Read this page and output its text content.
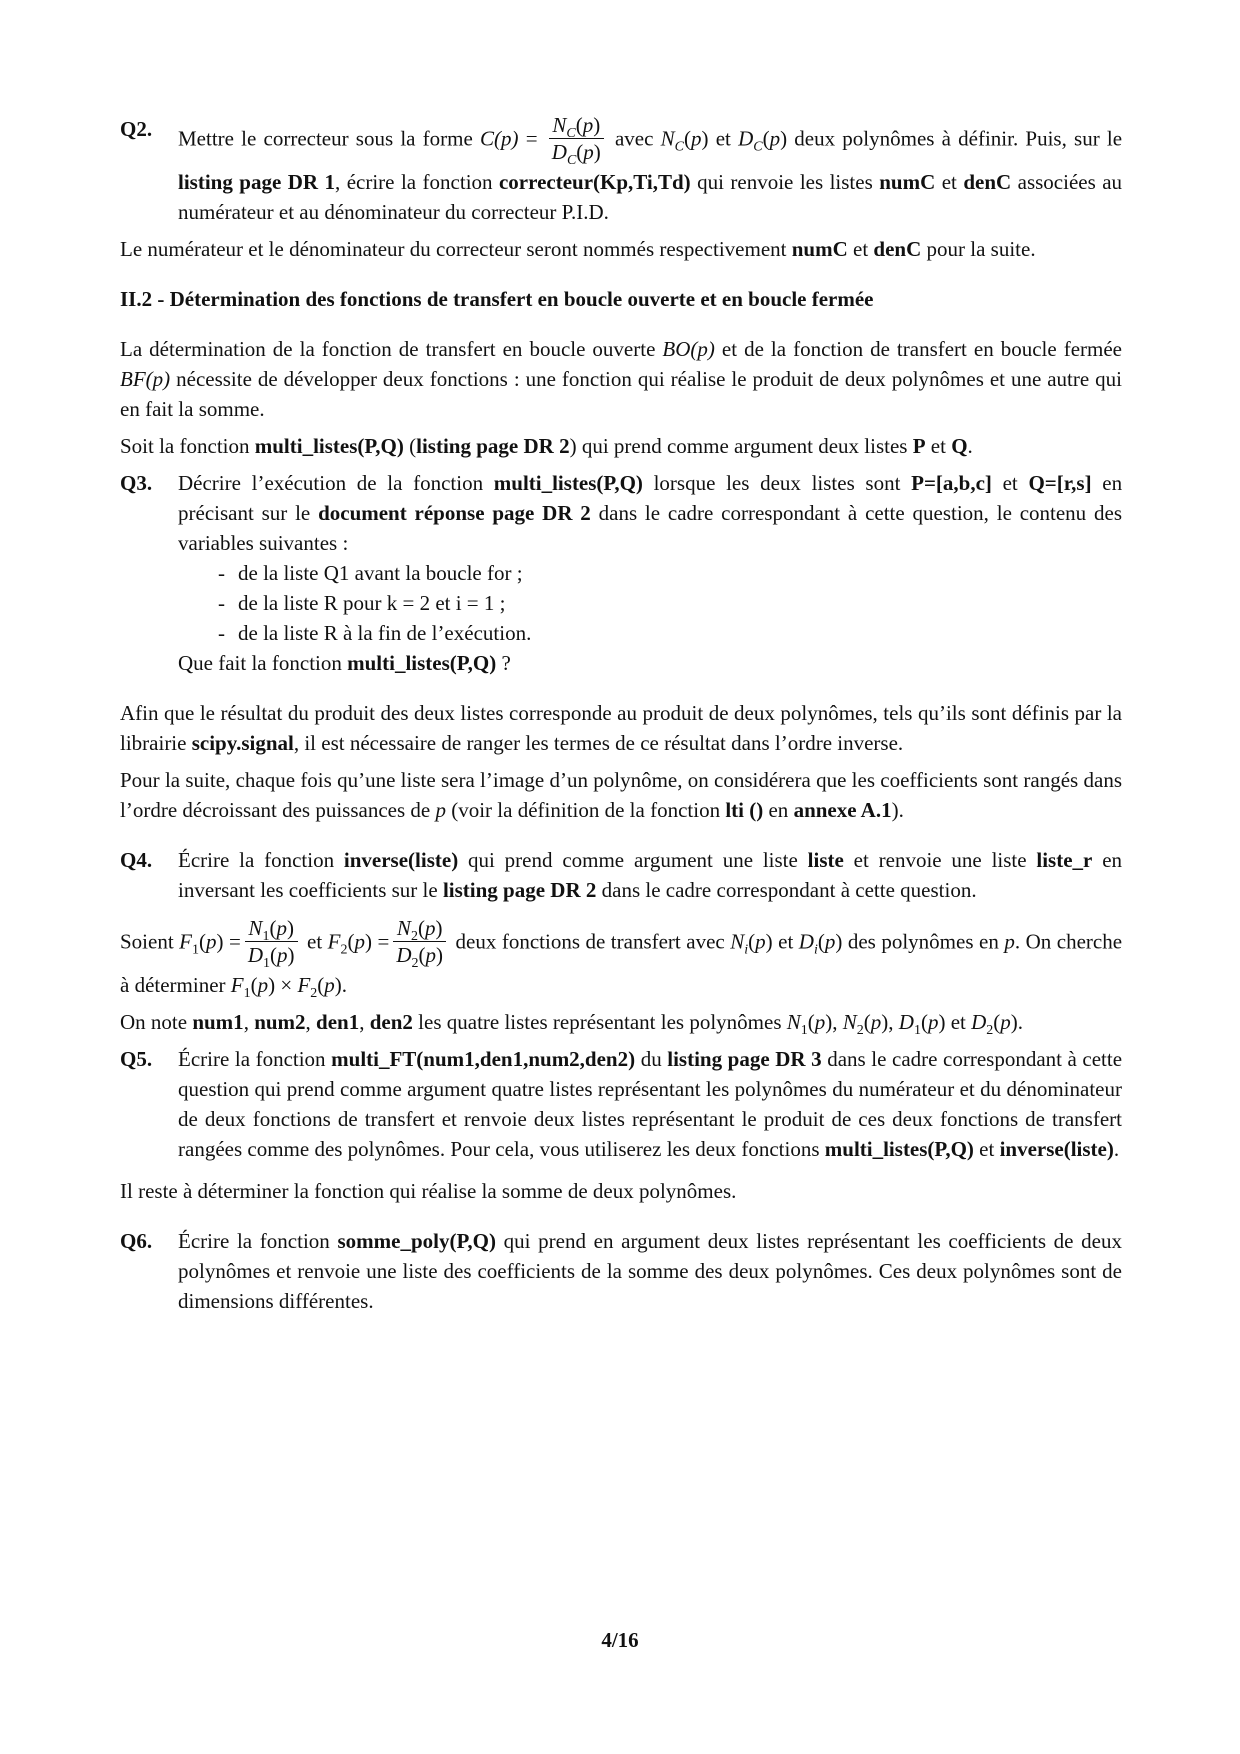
Q2. Mettre le correcteur sous la forme $C(p) = \frac{N_C(p)}{D_C(p)}$ avec $N_C(p)$ et $D_C(p)$ deux polynômes à définir. Puis, sur le listing page DR 1, écrire la fonction correcteur(Kp,Ti,Td) qui renvoie les listes numC et denC associées au numérateur et au dénominateur du correcteur P.I.D.

Le numérateur et le dénominateur du correcteur seront nommés respectivement numC et denC pour la suite.

II.2 - Détermination des fonctions de transfert en boucle ouverte et en boucle fermée

La détermination de la fonction de transfert en boucle ouverte BO(p) et de la fonction de transfert en boucle fermée BF(p) nécessite de développer deux fonctions : une fonction qui réalise le produit de deux polynômes et une autre qui en fait la somme.

Soit la fonction multi_listes(P,Q) (listing page DR 2) qui prend comme argument deux listes P et Q.

Q3. Décrire l’exécution de la fonction multi_listes(P,Q) lorsque les deux listes sont P=[a,b,c] et Q=[r,s] en précisant sur le document réponse page DR 2 dans le cadre correspondant à cette question, le contenu des variables suivantes :

- de la liste Q1 avant la boucle for ;
- de la liste R pour k = 2 et i = 1 ;
- de la liste R à la fin de l’exécution.

Que fait la fonction multi_listes(P,Q) ?

Afin que le résultat du produit des deux listes corresponde au produit de deux polynômes, tels qu’ils sont définis par la librairie scipy.signal, il est nécessaire de ranger les termes de ce résultat dans l’ordre inverse.

Pour la suite, chaque fois qu’une liste sera l’image d’un polynôme, on considérera que les coefficients sont rangés dans l’ordre décroissant des puissances de p (voir la définition de la fonction lti () en annexe A.1).

Q4. Écrire la fonction inverse(liste) qui prend comme argument une liste liste et renvoie une liste liste_r en inversant les coefficients sur le listing page DR 2 dans le cadre correspondant à cette question.

Soient $F_1(p) = \frac{N_1(p)}{D_1(p)}$ et $F_2(p) = \frac{N_2(p)}{D_2(p)}$ deux fonctions de transfert avec $N_i(p)$ et $D_i(p)$ des polynômes en p. On cherche à déterminer $F_1(p) \times F_2(p)$.

On note num1, num2, den1, den2 les quatre listes représentant les polynômes $N_1(p)$, $N_2(p)$, $D_1(p)$ et $D_2(p)$.

Q5. Écrire la fonction multi_FT(num1,den1,num2,den2) du listing page DR 3 dans le cadre correspondant à cette question qui prend comme argument quatre listes représentant les polynômes du numérateur et du dénominateur de deux fonctions de transfert et renvoie deux listes représentant le produit de ces deux fonctions de transfert rangées comme des polynômes. Pour cela, vous utiliserez les deux fonctions multi_listes(P,Q) et inverse(liste).

Il reste à déterminer la fonction qui réalise la somme de deux polynômes.

Q6. Écrire la fonction somme_poly(P,Q) qui prend en argument deux listes représentant les coefficients de deux polynômes et renvoie une liste des coefficients de la somme des deux polynômes. Ces deux polynômes sont de dimensions différentes.

4/16
